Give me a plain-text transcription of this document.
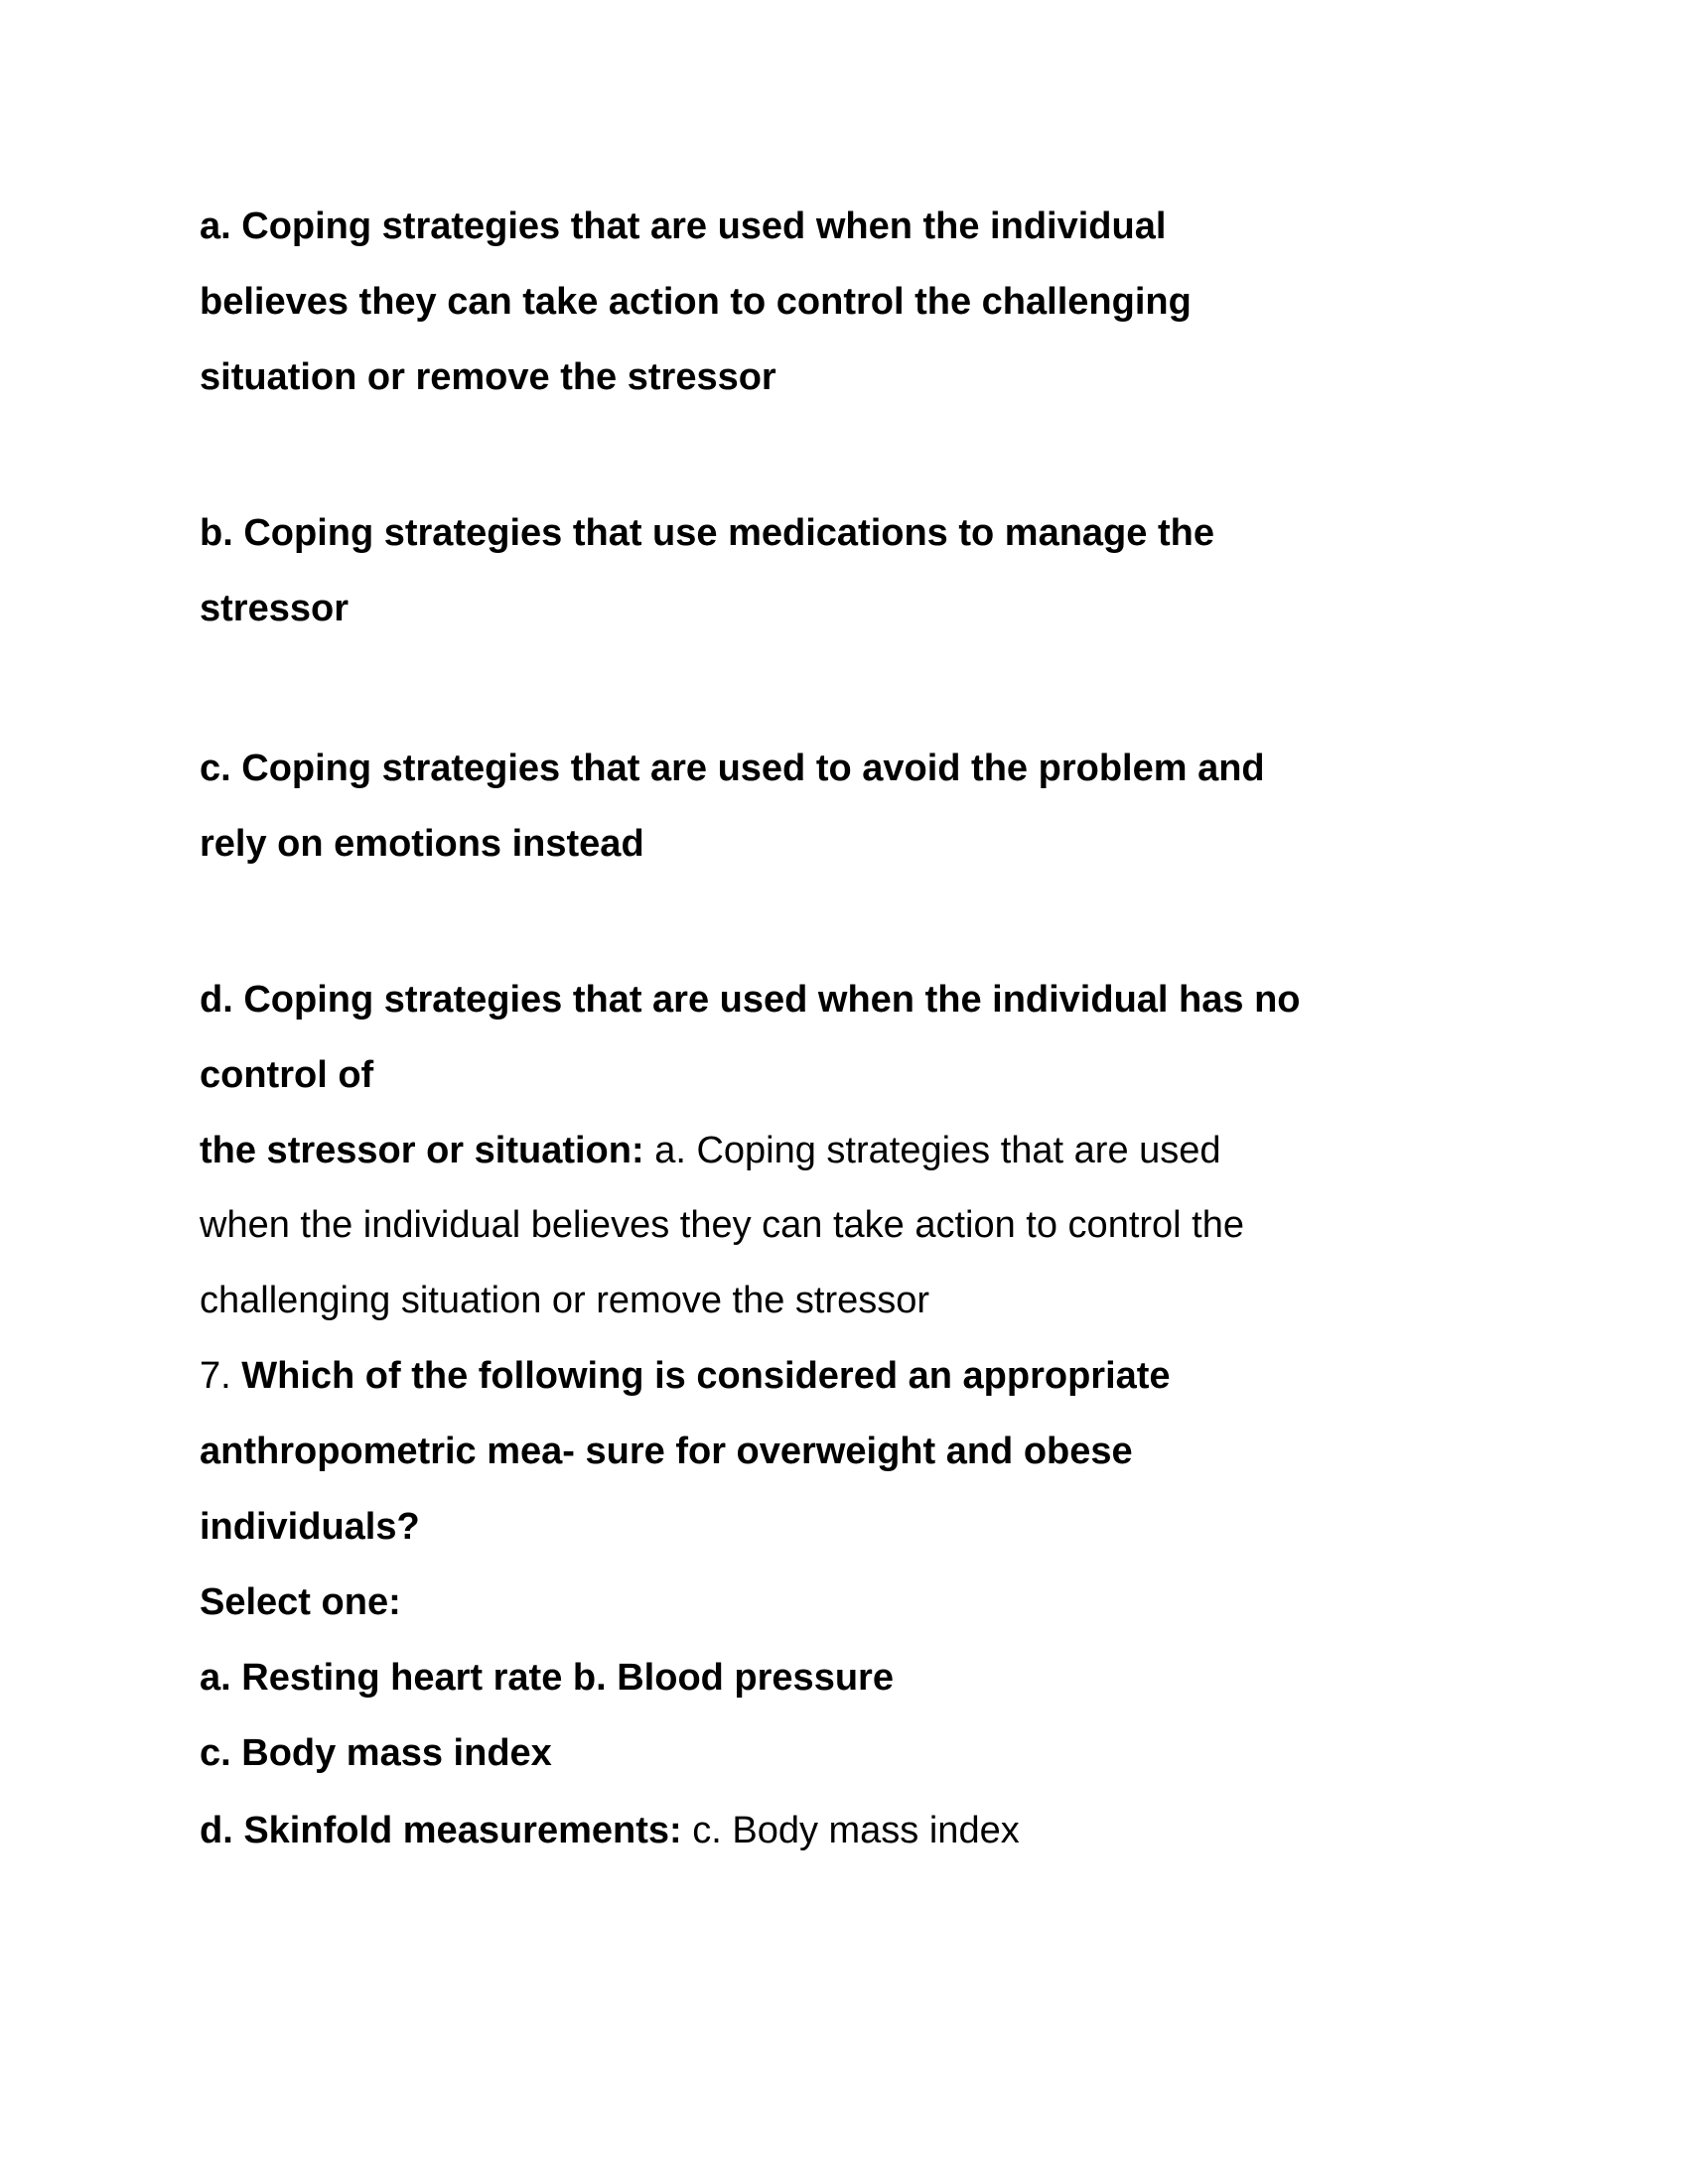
a. Coping strategies that are used when the individual
believes they can take action to control the challenging
situation or remove the stressor
b. Coping strategies that use medications to manage the
stressor
c. Coping strategies that are used to avoid the problem and
rely on emotions instead
d. Coping strategies that are used when the individual has no
control of
the stressor or situation: a. Coping strategies that are used
when the individual believes they can take action to control the
challenging situation or remove the stressor
7. Which of the following is considered an appropriate
anthropometric mea- sure for overweight and obese
individuals?
Select one:
a. Resting heart rate b. Blood pressure
c. Body mass index
d. Skinfold measurements: c. Body mass index
